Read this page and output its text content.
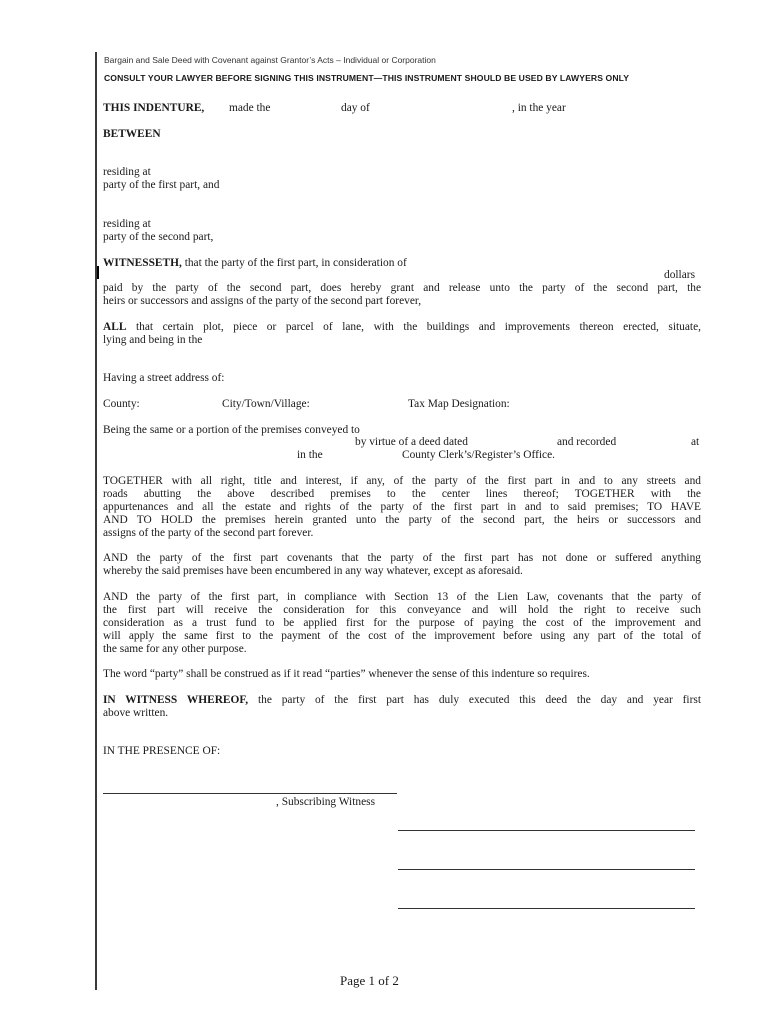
Bargain and Sale Deed with Covenant against Grantor’s Acts – Individual or Corporation
CONSULT YOUR LAWYER BEFORE SIGNING THIS INSTRUMENT—THIS INSTRUMENT SHOULD BE USED BY LAWYERS ONLY
THIS INDENTURE, made the	day of	, in the year
BETWEEN
residing at
party of the first part, and
residing at
party of the second part,
WITNESSETH, that the party of the first part, in consideration of
dollars
paid by the party of the second part, does hereby grant and release unto the party of the second part, the
heirs or successors and assigns of the party of the second part forever,
ALL that certain plot, piece or parcel of lane, with the buildings and improvements thereon erected, situate,
lying and being in the
Having a street address of:
County:	City/Town/Village:	Tax Map Designation:
Being the same or a portion of the premises conveyed to
by virtue of a deed dated	and recorded	at
in the	County Clerk’s/Register’s Office.
TOGETHER with all right, title and interest, if any, of the party of the first part in and to any streets and
roads abutting the above described premises to the center lines thereof; TOGETHER with the
appurtenances and all the estate and rights of the party of the first part in and to said premises; TO HAVE
AND TO HOLD the premises herein granted unto the party of the second part, the heirs or successors and
assigns of the party of the second part forever.
AND the party of the first part covenants that the party of the first part has not done or suffered anything
whereby the said premises have been encumbered in any way whatever, except as aforesaid.
AND the party of the first part, in compliance with Section 13 of the Lien Law, covenants that the party of
the first part will receive the consideration for this conveyance and will hold the right to receive such
consideration as a trust fund to be applied first for the purpose of paying the cost of the improvement and
will apply the same first to the payment of the cost of the improvement before using any part of the total of
the same for any other purpose.
The word “party” shall be construed as if it read “parties” whenever the sense of this indenture so requires.
IN WITNESS WHEREOF, the party of the first part has duly executed this deed the day and year first
above written.
IN THE PRESENCE OF:
, Subscribing Witness
Page 1 of 2
